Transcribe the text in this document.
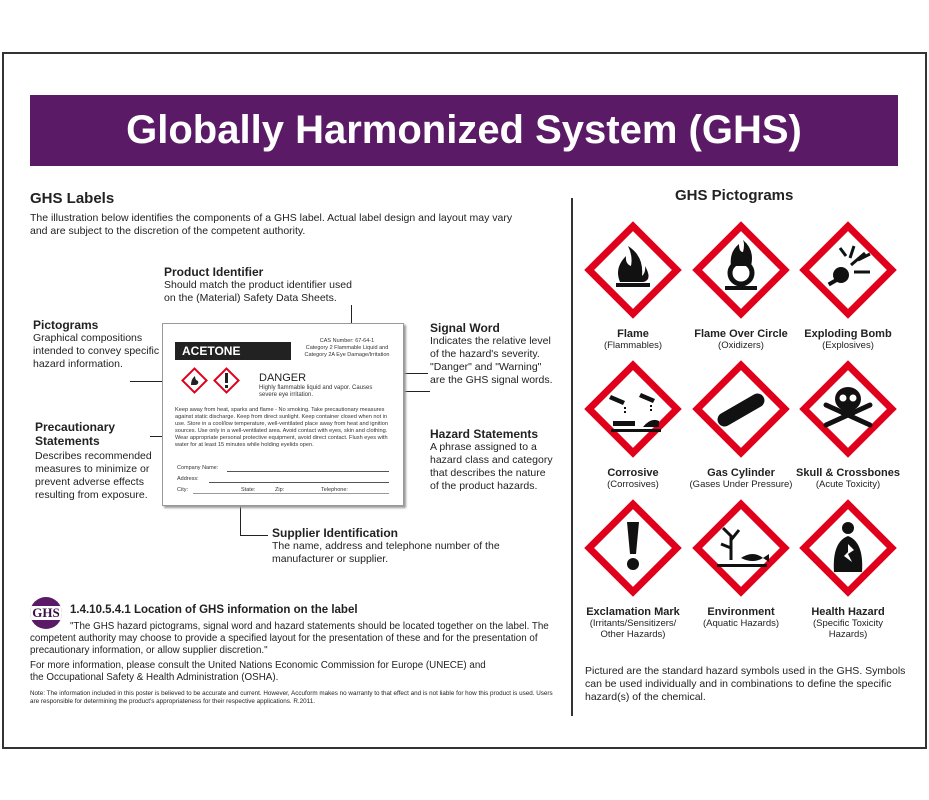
Globally Harmonized System (GHS)
GHS Labels
The illustration below identifies the components of a GHS label. Actual label design and layout may vary and are subject to the discretion of the competent authority.
Product Identifier
Should match the product identifier used on the (Material) Safety Data Sheets.
Pictograms
Graphical compositions intended to convey specific hazard information.
Precautionary Statements
Describes recommended measures to minimize or prevent adverse effects resulting from exposure.
Signal Word
Indicates the relative level of the hazard's severity. "Danger" and "Warning" are the GHS signal words.
Hazard Statements
A phrase assigned to a hazard class and category that describes the nature of the product hazards.
Supplier Identification
The name, address and telephone number of the manufacturer or supplier.
ACETONE
CAS Number: 67-64-1
Category 2 Flammable Liquid and Category 2A Eye Damage/Irritation
DANGER
Highly flammable liquid and vapor. Causes severe eye irritation.
Keep away from heat, sparks and flame - No smoking. Take precautionary measures against static discharge. Keep from direct sunlight. Keep container closed when not in use. Store in a cool/low temperature, well-ventilated place away from heat and ignition sources. Use only in a well-ventilated area. Avoid contact with eyes, skin and clothing. Wear appropriate personal protective equipment, avoid direct contact. Flush eyes with water for at least 15 minutes while holding eyelids open.
Company Name:
Address:
City:	State:	Zip:	Telephone:
GHS 1.4.10.5.4.1 Location of GHS information on the label
"The GHS hazard pictograms, signal word and hazard statements should be located together on the label. The competent authority may choose to provide a specified layout for the presentation of these and for the presentation of precautionary information, or allow supplier discretion."
For more information, please consult the United Nations Economic Commission for Europe (UNECE) and the Occupational Safety & Health Administration (OSHA).
Note: The information included in this poster is believed to be accurate and current. However, Accuform makes no warranty to that effect and is not liable for how this product is used. Users are responsible for determining the product's appropriateness for their respective applications. R.2011.
GHS Pictograms
Flame
(Flammables)
Flame Over Circle
(Oxidizers)
Exploding Bomb
(Explosives)
Corrosive
(Corrosives)
Gas Cylinder
(Gases Under Pressure)
Skull & Crossbones
(Acute Toxicity)
Exclamation Mark
(Irritants/Sensitizers/ Other Hazards)
Environment
(Aquatic Hazards)
Health Hazard
(Specific Toxicity Hazards)
Pictured are the standard hazard symbols used in the GHS. Symbols can be used individually and in combinations to define the specific hazard(s) of the chemical.
